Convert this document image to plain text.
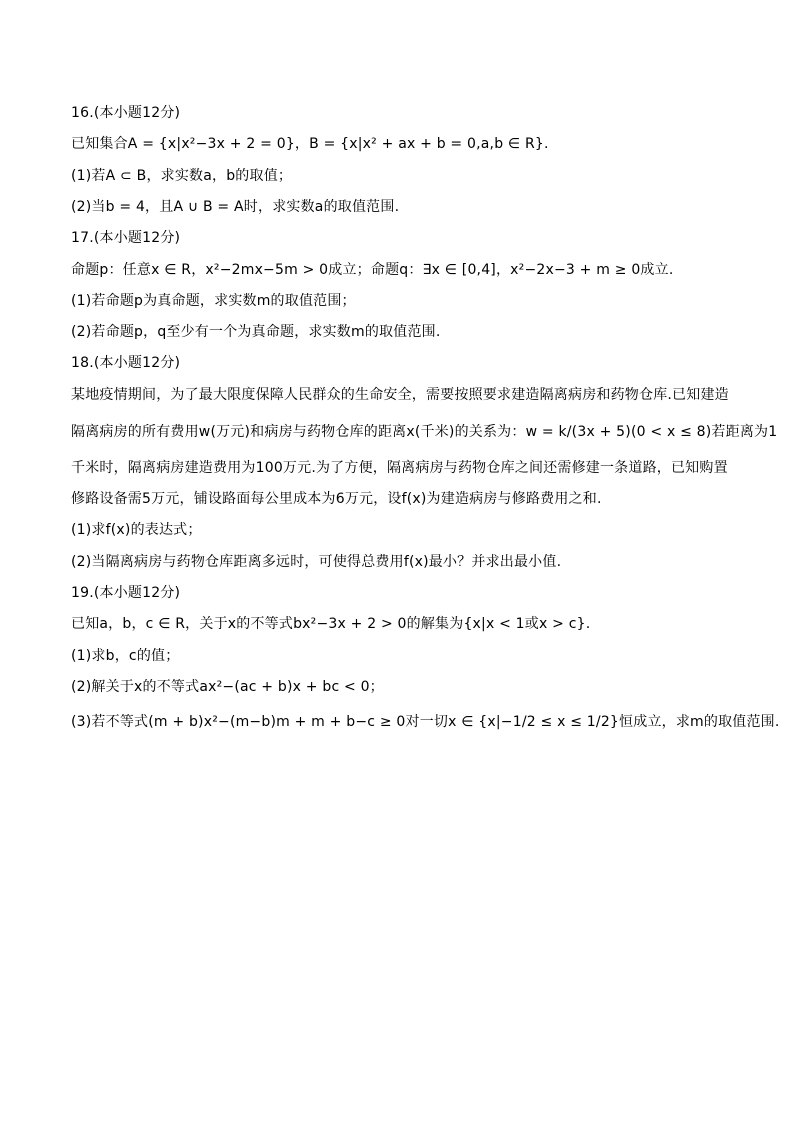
16.(本小题12分)
已知集合A = {x|x²−3x + 2 = 0}，B = {x|x² + ax + b = 0,a,b ∈ R}.
(1)若A ⊂ B，求实数a，b的取值；
(2)当b = 4，且A ∪ B = A时，求实数a的取值范围.
17.(本小题12分)
命题p：任意x ∈ R，x²−2mx−5m > 0成立；命题q：∃x ∈ [0,4]，x²−2x−3 + m ≥ 0成立.
(1)若命题p为真命题，求实数m的取值范围；
(2)若命题p，q至少有一个为真命题，求实数m的取值范围.
18.(本小题12分)
某地疫情期间，为了最大限度保障人民群众的生命安全，需要按照要求建造隔离病房和药物仓库.已知建造
隔离病房的所有费用w(万元)和病房与药物仓库的距离x(千米)的关系为：w = k/(3x + 5)(0 < x ≤ 8)若距离为1
千米时，隔离病房建造费用为100万元.为了方便，隔离病房与药物仓库之间还需修建一条道路，已知购置
修路设备需5万元，铺设路面每公里成本为6万元，设f(x)为建造病房与修路费用之和.
(1)求f(x)的表达式；
(2)当隔离病房与药物仓库距离多远时，可使得总费用f(x)最小？并求出最小值.
19.(本小题12分)
已知a，b，c ∈ R，关于x的不等式bx²−3x + 2 > 0的解集为{x|x < 1或x > c}.
(1)求b，c的值；
(2)解关于x的不等式ax²−(ac + b)x + bc < 0；
(3)若不等式(m + b)x²−(m−b)m + m + b−c ≥ 0对一切x ∈ {x|−1/2 ≤ x ≤ 1/2}恒成立，求m的取值范围.
